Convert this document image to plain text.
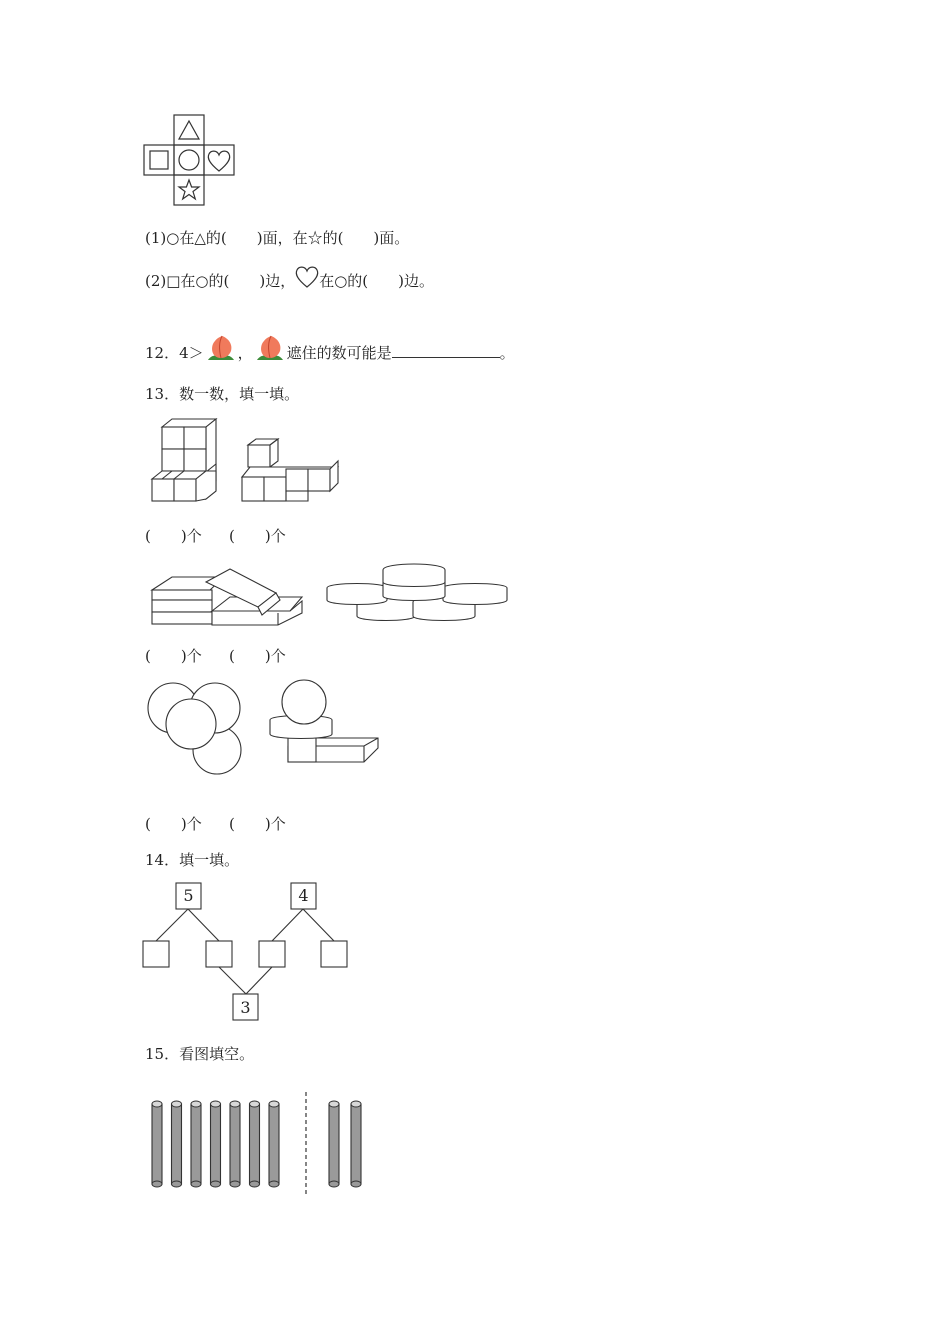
(1)○在△的(　　)面，在☆的(　　)面。
(2)□在○的(　　)边， 在○的(　　)边。
12．4＞ ， 遮住的数可能是	。
13．数一数，填一填。
(　　)个 (　　)个
(　　)个 (　　)个
(　　)个 (　　)个
14．填一填。
5	4
3
15．看图填空。
